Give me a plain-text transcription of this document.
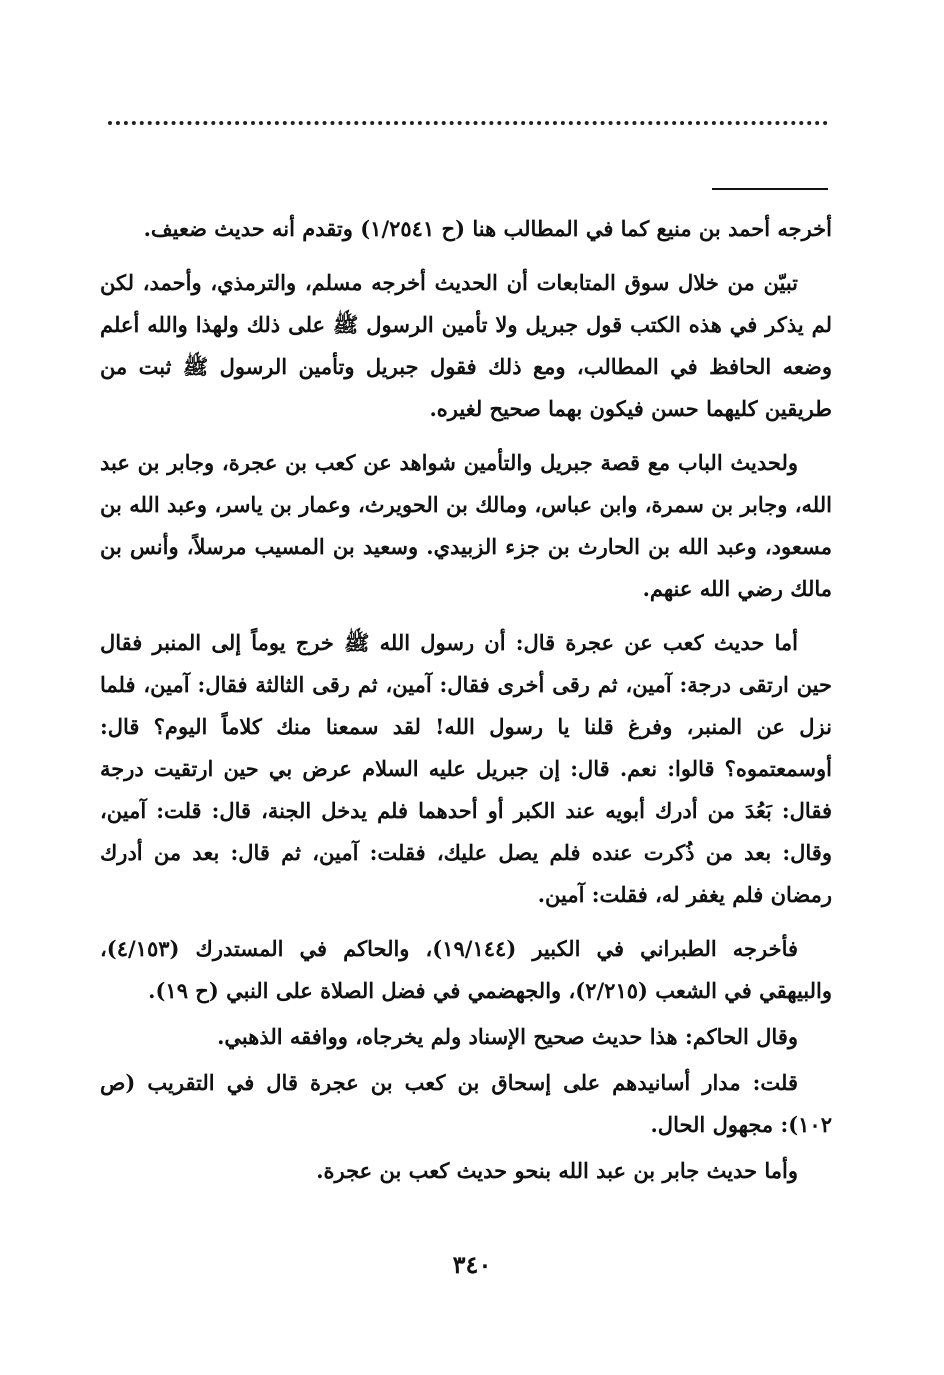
أخرجه أحمد بن منيع كما في المطالب هنا (ح ١/٢٥٤١) وتقدم أنه حديث ضعيف.

تبيّن من خلال سوق المتابعات أن الحديث أخرجه مسلم، والترمذي، وأحمد، لكن لم يذكر في هذه الكتب قول جبريل ولا تأمين الرسول ﷺ على ذلك ولهذا والله أعلم وضعه الحافظ في المطالب، ومع ذلك فقول جبريل وتأمين الرسول ﷺ ثبت من طريقين كليهما حسن فيكون بهما صحيح لغيره.

ولحديث الباب مع قصة جبريل والتأمين شواهد عن كعب بن عجرة، وجابر بن عبد الله، وجابر بن سمرة، وابن عباس، ومالك بن الحويرث، وعمار بن ياسر، وعبد الله بن مسعود، وعبد الله بن الحارث بن جزء الزبيدي. وسعيد بن المسيب مرسلاً، وأنس بن مالك رضي الله عنهم.

أما حديث كعب عن عجرة قال: أن رسول الله ﷺ خرج يوماً إلى المنبر فقال حين ارتقى درجة: آمين، ثم رقى أخرى فقال: آمين، ثم رقى الثالثة فقال: آمين، فلما نزل عن المنبر، وفرغ قلنا يا رسول الله! لقد سمعنا منك كلاماً اليوم؟ قال: أوسمعتموه؟ قالوا: نعم. قال: إن جبريل عليه السلام عرض بي حين ارتقيت درجة فقال: بَعُدَ من أدرك أبويه عند الكبر أو أحدهما فلم يدخل الجنة، قال: قلت: آمين، وقال: بعد من ذُكرت عنده فلم يصل عليك، فقلت: آمين، ثم قال: بعد من أدرك رمضان فلم يغفر له، فقلت: آمين.

فأخرجه الطبراني في الكبير (١٩/١٤٤)، والحاكم في المستدرك (٤/١٥٣)، والبيهقي في الشعب (٢/٢١٥)، والجهضمي في فضل الصلاة على النبي (ح ١٩).

وقال الحاكم: هذا حديث صحيح الإسناد ولم يخرجاه، ووافقه الذهبي.

قلت: مدار أسانيدهم على إسحاق بن كعب بن عجرة قال في التقريب (ص ١٠٢): مجهول الحال.

وأما حديث جابر بن عبد الله بنحو حديث كعب بن عجرة.

٣٤٠
